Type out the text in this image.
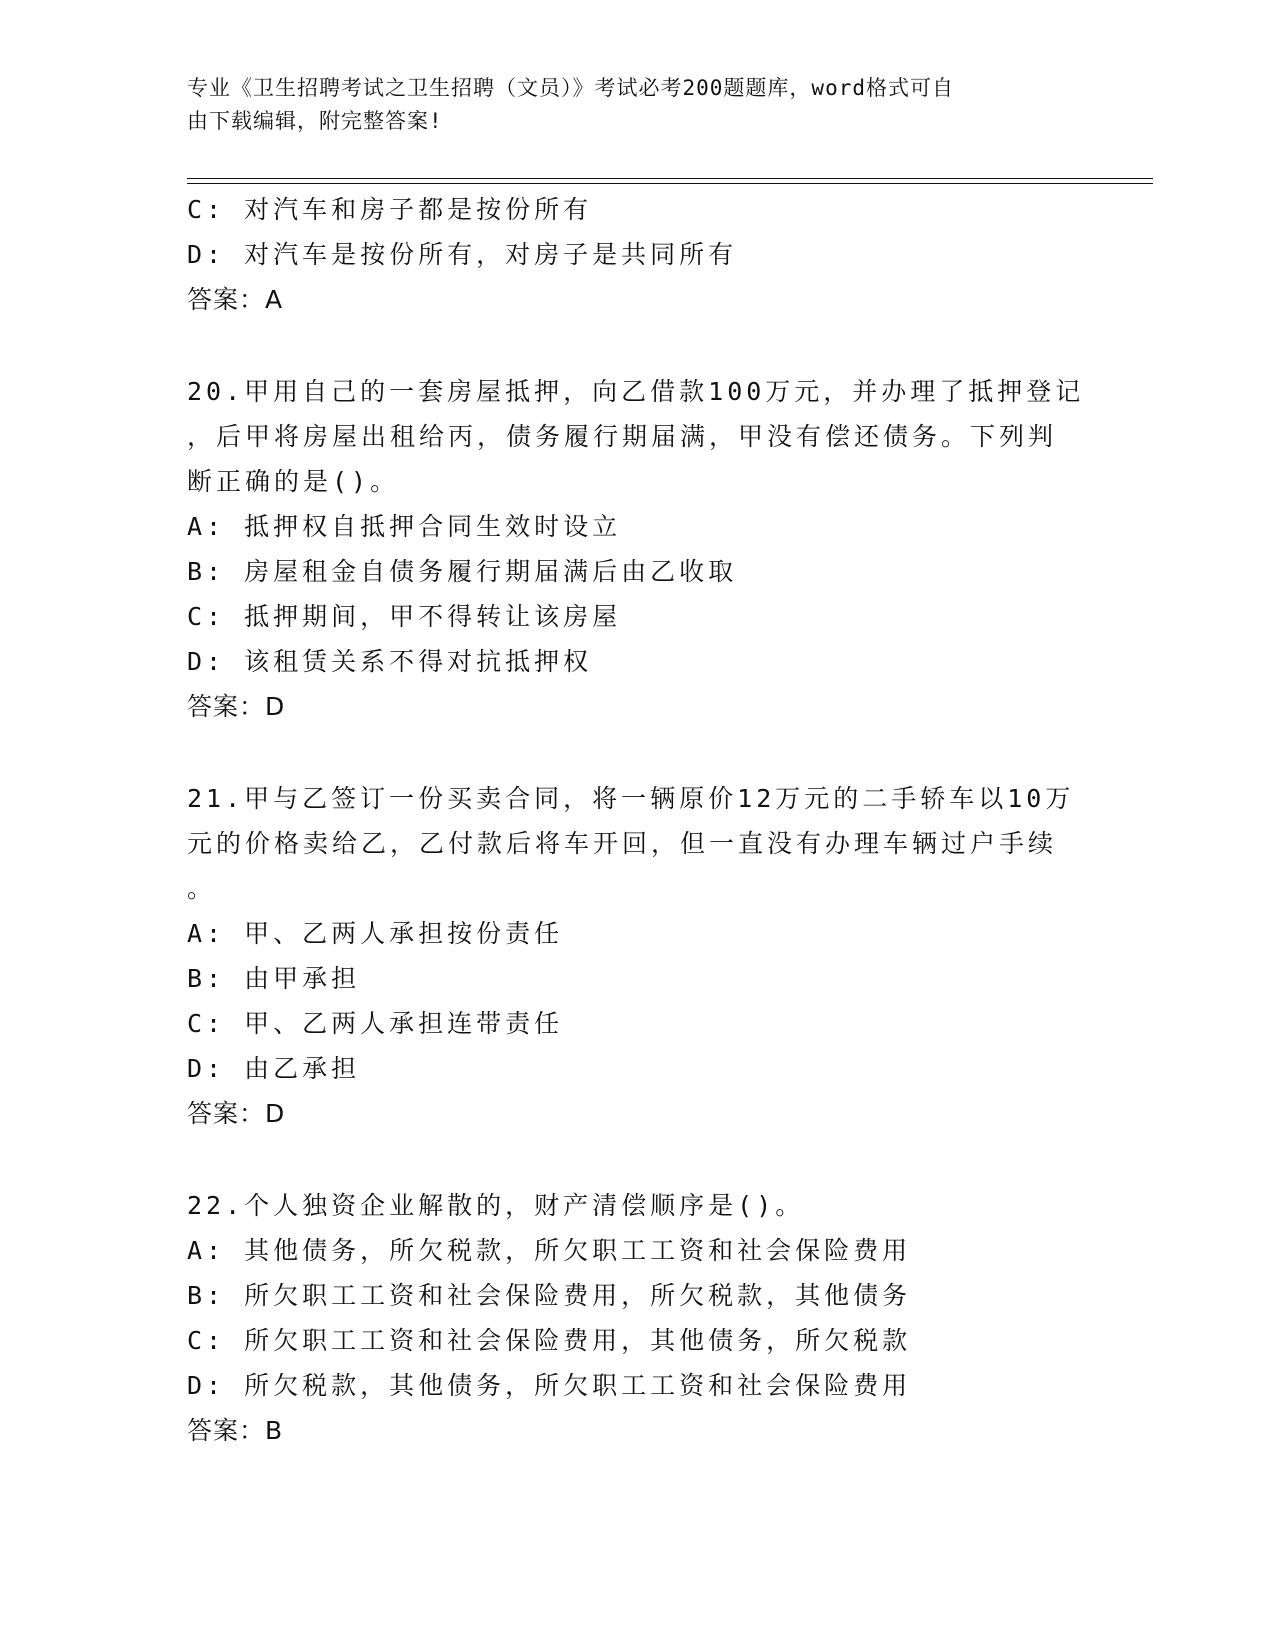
专业《卫生招聘考试之卫生招聘（文员）》考试必考200题题库，word格式可自
由下载编辑，附完整答案!
C: 对汽车和房子都是按份所有
D: 对汽车是按份所有，对房子是共同所有
答案：A
20.甲用自己的一套房屋抵押，向乙借款100万元，并办理了抵押登记
，后甲将房屋出租给丙，债务履行期届满，甲没有偿还债务。下列判
断正确的是()。
A: 抵押权自抵押合同生效时设立
B: 房屋租金自债务履行期届满后由乙收取
C: 抵押期间，甲不得转让该房屋
D: 该租赁关系不得对抗抵押权
答案：D
21.甲与乙签订一份买卖合同，将一辆原价12万元的二手轿车以10万
元的价格卖给乙，乙付款后将车开回，但一直没有办理车辆过户手续
。
A: 甲、乙两人承担按份责任
B: 由甲承担
C: 甲、乙两人承担连带责任
D: 由乙承担
答案：D
22.个人独资企业解散的，财产清偿顺序是()。
A: 其他债务，所欠税款，所欠职工工资和社会保险费用
B: 所欠职工工资和社会保险费用，所欠税款，其他债务
C: 所欠职工工资和社会保险费用，其他债务，所欠税款
D: 所欠税款，其他债务，所欠职工工资和社会保险费用
答案：B
